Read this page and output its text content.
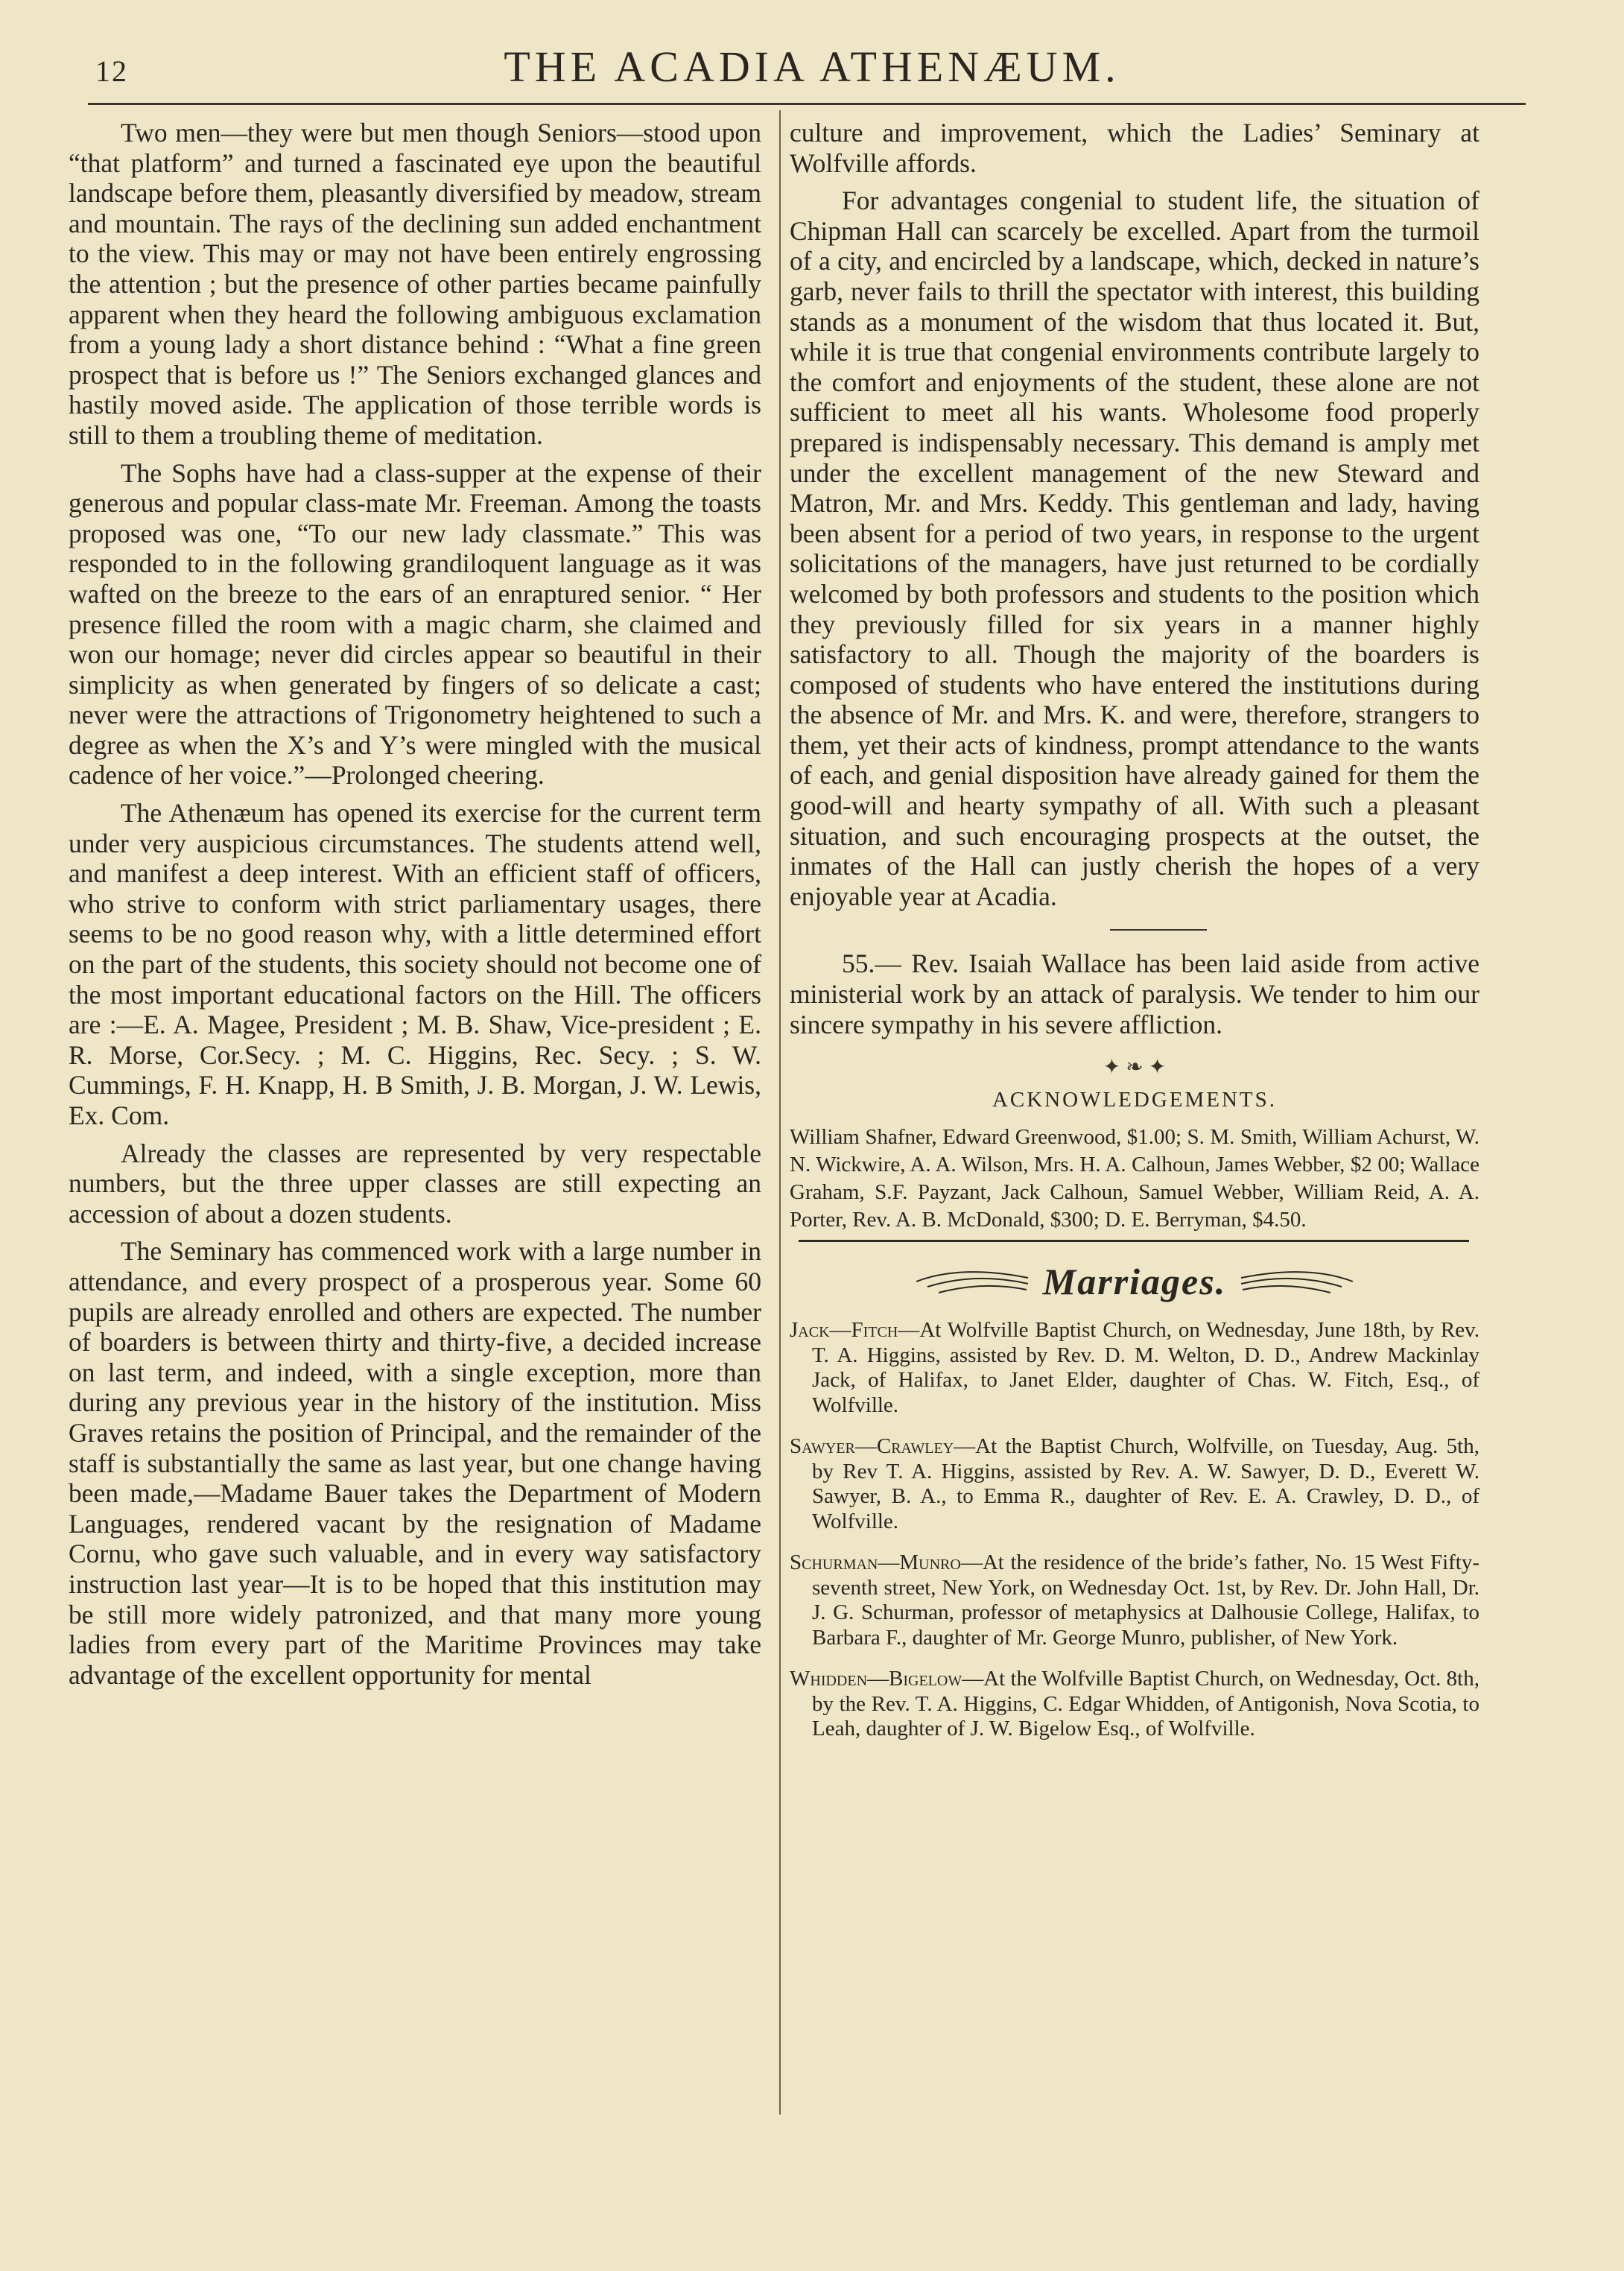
12	THE ACADIA ATHENÆUM.

Two men—they were but men though Seniors—stood upon “that platform” and turned a fascinated eye upon the beautiful landscape before them, pleasantly diversified by meadow, stream and mountain. The rays of the declining sun added enchantment to the view. This may or may not have been entirely engrossing the attention ; but the presence of other parties became painfully apparent when they heard the following ambiguous exclamation from a young lady a short distance behind : “What a fine green prospect that is before us !” The Seniors exchanged glances and hastily moved aside. The application of those terrible words is still to them a troubling theme of meditation.

The Sophs have had a class-supper at the expense of their generous and popular class-mate Mr. Freeman. Among the toasts proposed was one, “To our new lady classmate.” This was responded to in the following grandiloquent language as it was wafted on the breeze to the ears of an enraptured senior. “ Her presence filled the room with a magic charm, she claimed and won our homage; never did circles appear so beautiful in their simplicity as when generated by fingers of so delicate a cast; never were the attractions of Trigonometry heightened to such a degree as when the X’s and Y’s were mingled with the musical cadence of her voice.”—Prolonged cheering.

The Athenæum has opened its exercise for the current term under very auspicious circumstances. The students attend well, and manifest a deep interest. With an efficient staff of officers, who strive to conform with strict parliamentary usages, there seems to be no good reason why, with a little determined effort on the part of the students, this society should not become one of the most important educational factors on the Hill. The officers are :—E. A. Magee, President ; M. B. Shaw, Vice-president ; E. R. Morse, Cor.Secy. ; M. C. Higgins, Rec. Secy. ; S. W. Cummings, F. H. Knapp, H. B Smith, J. B. Morgan, J. W. Lewis, Ex. Com.

Already the classes are represented by very respectable numbers, but the three upper classes are still expecting an accession of about a dozen students.

The Seminary has commenced work with a large number in attendance, and every prospect of a prosperous year. Some 60 pupils are already enrolled and others are expected. The number of boarders is between thirty and thirty-five, a decided increase on last term, and indeed, with a single exception, more than during any previous year in the history of the institution. Miss Graves retains the position of Principal, and the remainder of the staff is substantially the same as last year, but one change having been made,—Madame Bauer takes the Department of Modern Languages, rendered vacant by the resignation of Madame Cornu, who gave such valuable, and in every way satisfactory instruction last year—It is to be hoped that this institution may be still more widely patronized, and that many more young ladies from every part of the Maritime Provinces may take advantage of the excellent opportunity for mental

culture and improvement, which the Ladies’ Seminary at Wolfville affords.

For advantages congenial to student life, the situation of Chipman Hall can scarcely be excelled. Apart from the turmoil of a city, and encircled by a landscape, which, decked in nature’s garb, never fails to thrill the spectator with interest, this building stands as a monument of the wisdom that thus located it. But, while it is true that congenial environments contribute largely to the comfort and enjoyments of the student, these alone are not sufficient to meet all his wants. Wholesome food properly prepared is indispensably necessary. This demand is amply met under the excellent management of the new Steward and Matron, Mr. and Mrs. Keddy. This gentleman and lady, having been absent for a period of two years, in response to the urgent solicitations of the managers, have just returned to be cordially welcomed by both professors and students to the position which they previously filled for six years in a manner highly satisfactory to all. Though the majority of the boarders is composed of students who have entered the institutions during the absence of Mr. and Mrs. K. and were, therefore, strangers to them, yet their acts of kindness, prompt attendance to the wants of each, and genial disposition have already gained for them the good-will and hearty sympathy of all. With such a pleasant situation, and such encouraging prospects at the outset, the inmates of the Hall can justly cherish the hopes of a very enjoyable year at Acadia.

55.— Rev. Isaiah Wallace has been laid aside from active ministerial work by an attack of paralysis. We tender to him our sincere sympathy in his severe affliction.

✦ ❧ ✦
ACKNOWLEDGEMENTS.
William Shafner, Edward Greenwood, $1.00; S. M. Smith, William Achurst, W. N. Wickwire, A. A. Wilson, Mrs. H. A. Calhoun, James Webber, $2 00; Wallace Graham, S.F. Payzant, Jack Calhoun, Samuel Webber, William Reid, A. A. Porter, Rev. A. B. McDonald, $300; D. E. Berryman, $4.50.
Marriages.
Jack—Fitch—At Wolfville Baptist Church, on Wednesday, June 18th, by Rev. T. A. Higgins, assisted by Rev. D. M. Welton, D. D., Andrew Mackinlay Jack, of Halifax, to Janet Elder, daughter of Chas. W. Fitch, Esq., of Wolfville.
Sawyer—Crawley—At the Baptist Church, Wolfville, on Tuesday, Aug. 5th, by Rev T. A. Higgins, assisted by Rev. A. W. Sawyer, D. D., Everett W. Sawyer, B. A., to Emma R., daughter of Rev. E. A. Crawley, D. D., of Wolfville.
Schurman—Munro—At the residence of the bride’s father, No. 15 West Fifty-seventh street, New York, on Wednesday Oct. 1st, by Rev. Dr. John Hall, Dr. J. G. Schurman, professor of metaphysics at Dalhousie College, Halifax, to Barbara F., daughter of Mr. George Munro, publisher, of New York.
Whidden—Bigelow—At the Wolfville Baptist Church, on Wednesday, Oct. 8th, by the Rev. T. A. Higgins, C. Edgar Whidden, of Antigonish, Nova Scotia, to Leah, daughter of J. W. Bigelow Esq., of Wolfville.
